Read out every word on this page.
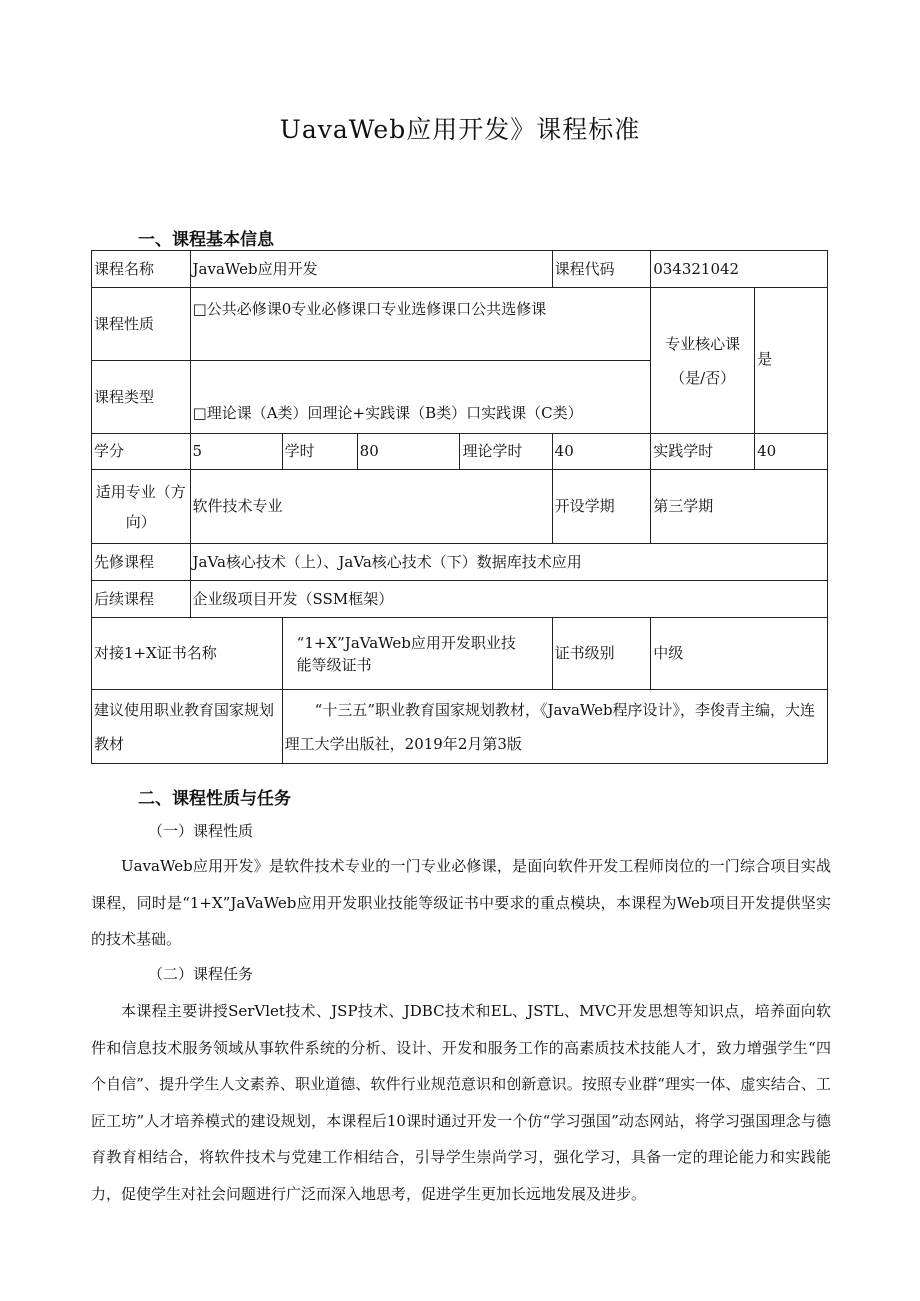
UavaWeb应用开发》课程标准
一、课程基本信息
课程名称	JavaWeb应用开发				课程代码	034321042	
课程性质	□公共必修课0专业必修课口专业选修课口公共选修课					专业核心课（是/否）	是
课程类型	□理论课（A类）回理论+实践课（B类）口实践课（C类）						
学分	5	学时	80	理论学时	40	实践学时	40
适用专业（方向）	软件技术专业				开设学期	第三学期	
先修课程	JaVa核心技术（上）、JaVa核心技术（下）数据库技术应用						
后续课程	企业级项目开发（SSM框架）						
对接1+X证书名称		“1+X”JaVaWeb应用开发职业技能等级证书			证书级别	中级	
建议使用职业教育国家规划教材		“十三五”职业教育国家规划教材，《JavaWeb程序设计》，李俊青主编，大连理工大学出版社，2019年2月第3版					
二、课程性质与任务
（一）课程性质
UavaWeb应用开发》是软件技术专业的一门专业必修课，是面向软件开发工程师岗位的一门综合项目实战课程，同时是“1+X”JaVaWeb应用开发职业技能等级证书中要求的重点模块，本课程为Web项目开发提供坚实的技术基础。
（二）课程任务
本课程主要讲授SerVlet技术、JSP技术、JDBC技术和EL、JSTL、MVC开发思想等知识点，培养面向软件和信息技术服务领域从事软件系统的分析、设计、开发和服务工作的高素质技术技能人才，致力增强学生“四个自信”、提升学生人文素养、职业道德、软件行业规范意识和创新意识。按照专业群“理实一体、虚实结合、工匠工坊”人才培养模式的建设规划，本课程后10课时通过开发一个仿“学习强国”动态网站，将学习强国理念与德育教育相结合，将软件技术与党建工作相结合，引导学生崇尚学习，强化学习，具备一定的理论能力和实践能力，促使学生对社会问题进行广泛而深入地思考，促进学生更加长远地发展及进步。
